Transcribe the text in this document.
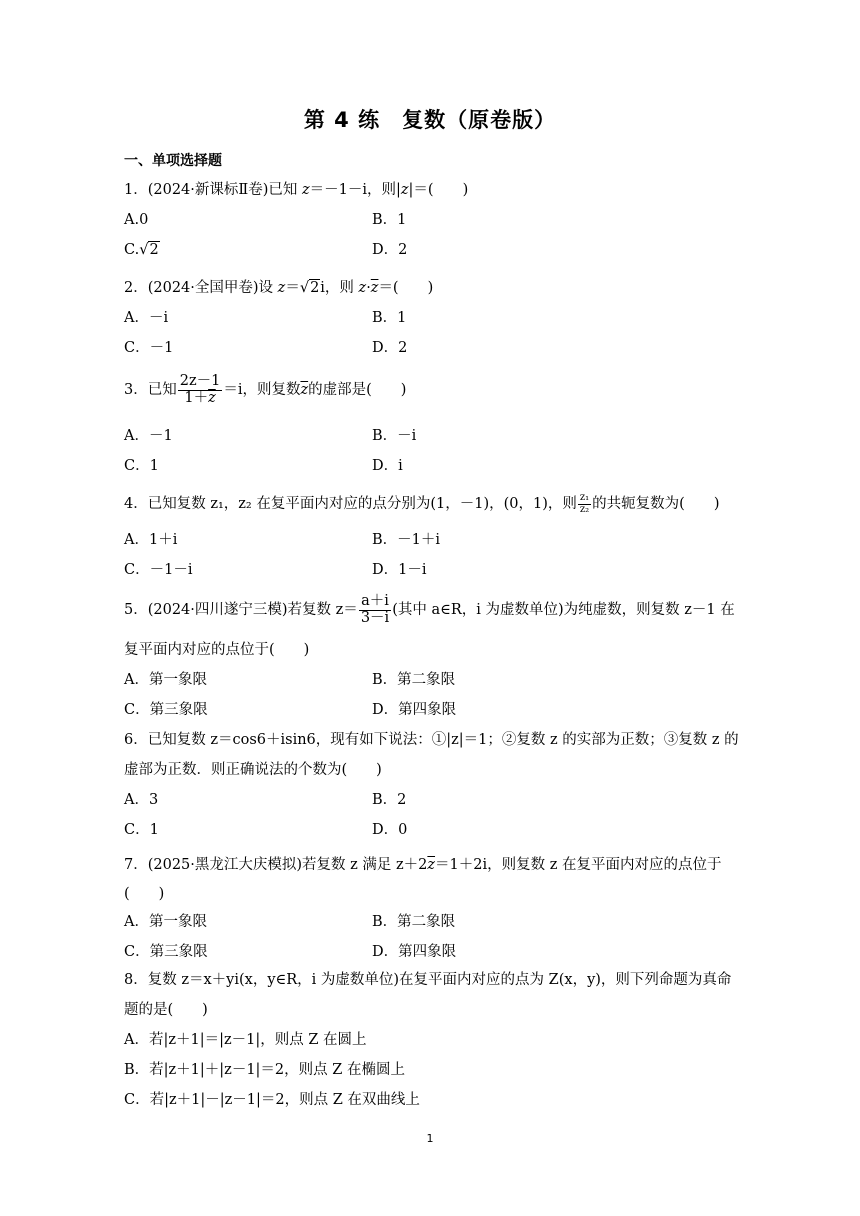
第 4 练　复数（原卷版）
一、单项选择题
1．(2024·新课标Ⅱ卷)已知 z＝－1－i，则|z|＝(　　)
A.0	B．1
C.√2	D．2
2．(2024·全国甲卷)设 z＝√2i，则 $z\cdot\overline{z}=$(　　)
A．－i	B．1
C．－1	D．2
3．已知 $\frac{2z-1}{1+\overline{z}} =i$，则复数$\overline{z}$的虚部是(　　)
A．－1	B．－i
C．1	D．i
4．已知复数 z₁，z₂ 在复平面内对应的点分别为(1，－1)，(0，1)，则 $\frac{\text{z₁}}{\text{z₂}}$ 的共轭复数为(　　)
A．1＋i	B．－1＋i
C．－1－i	D．1－i
5．(2024·四川遂宁三模)若复数 $z= \frac{a+i}{3-i}$ (其中 a∈R，i 为虚数单位)为纯虚数，则复数 z－1 在
复平面内对应的点位于(　　)
A．第一象限	B．第二象限
C．第三象限	D．第四象限
6．已知复数 z＝cos6＋isin6，现有如下说法：①|z|＝1；②复数 z 的实部为正数；③复数 z 的
虚部为正数．则正确说法的个数为(　　)
A．3	B．2
C．1	D．0
7．(2025·黑龙江大庆模拟)若复数 z 满足 $z+2\overline{z}=1+2i$，则复数 z 在复平面内对应的点位于
(　　)
A．第一象限	B．第二象限
C．第三象限	D．第四象限
8．复数 z＝x＋yi(x，y∈R，i 为虚数单位)在复平面内对应的点为 Z(x，y)，则下列命题为真命
题的是(　　)
A．若|z＋1|＝|z－1|，则点 Z 在圆上
B．若|z＋1|＋|z－1|＝2，则点 Z 在椭圆上
C．若|z＋1|－|z－1|＝2，则点 Z 在双曲线上
1
